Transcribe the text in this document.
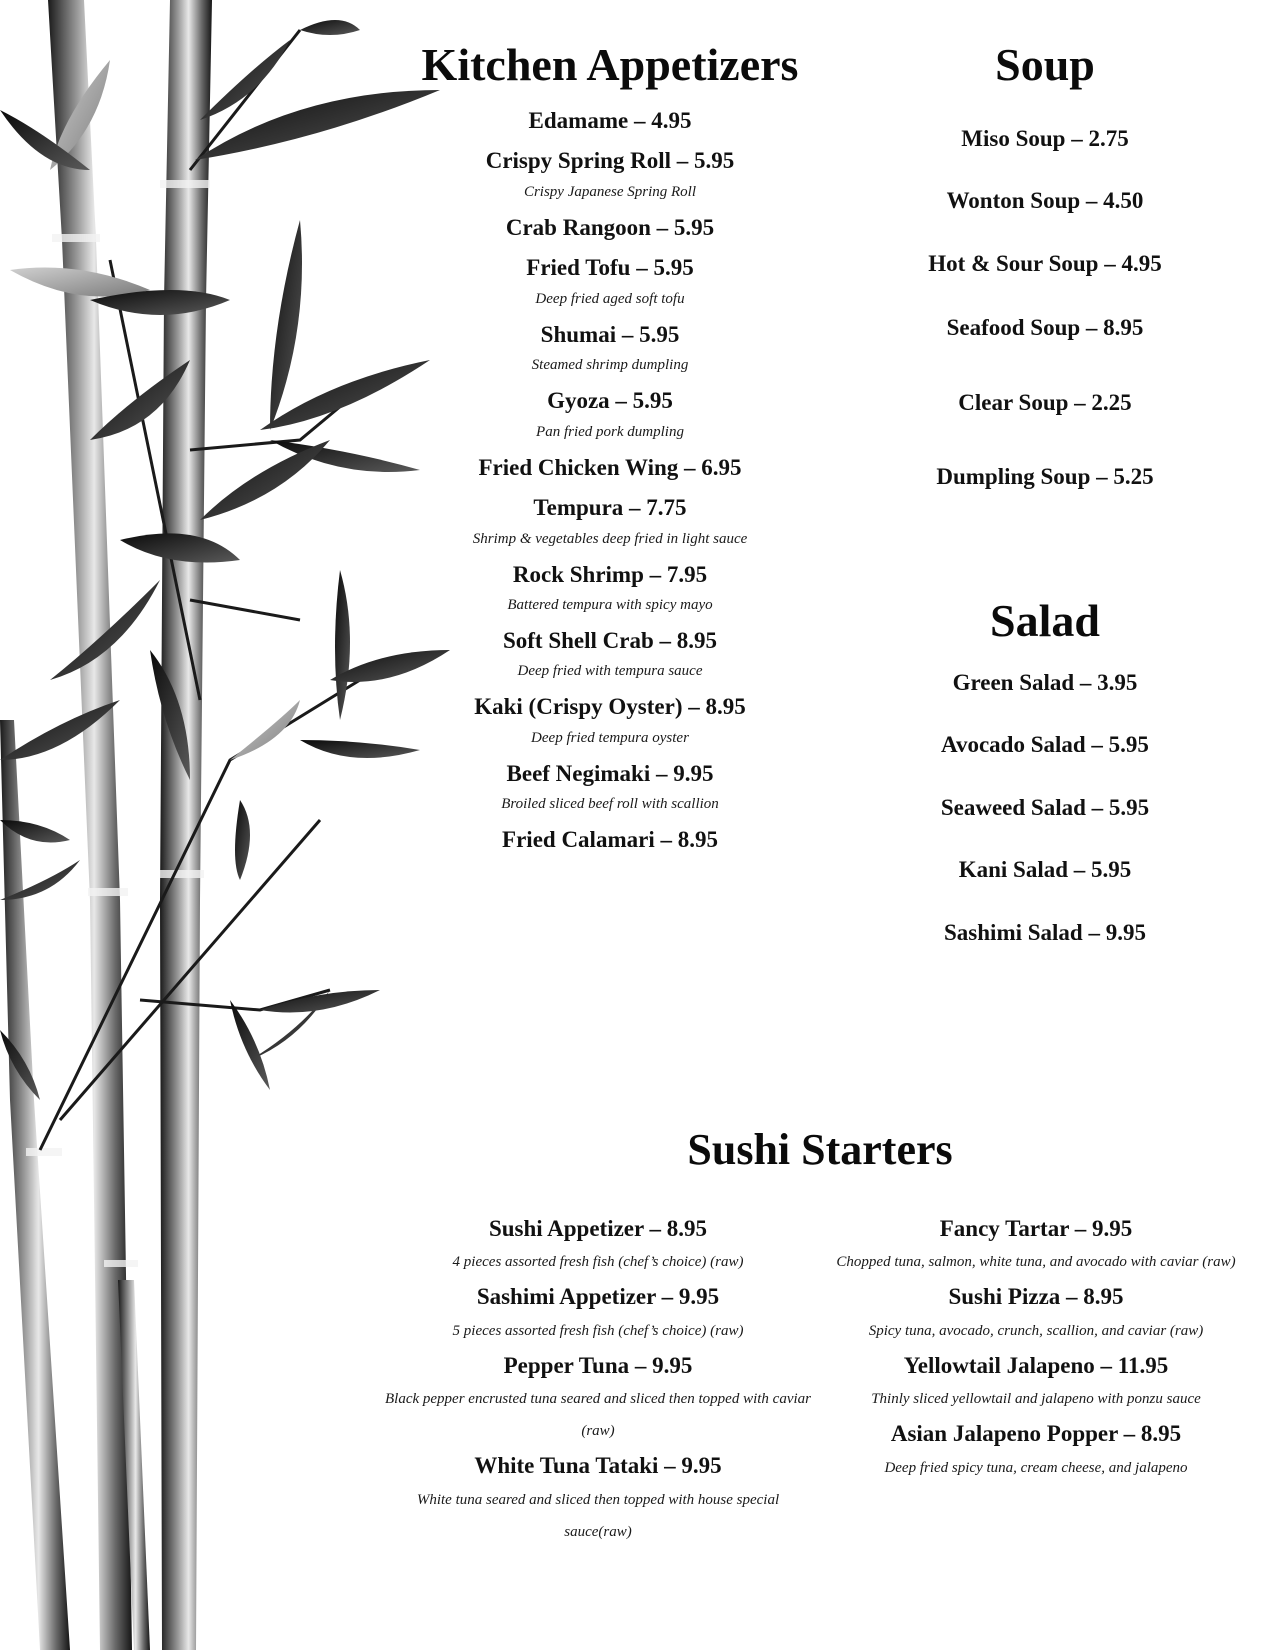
Kitchen Appetizers
Edamame – 4.95
Crispy Spring Roll – 5.95
Crispy Japanese Spring Roll
Crab Rangoon – 5.95
Fried Tofu – 5.95
Deep fried aged soft tofu
Shumai – 5.95
Steamed shrimp dumpling
Gyoza – 5.95
Pan fried pork dumpling
Fried Chicken Wing – 6.95
Tempura – 7.75
Shrimp & vegetables deep fried in light sauce
Rock Shrimp – 7.95
Battered tempura with spicy mayo
Soft Shell Crab – 8.95
Deep fried with tempura sauce
Kaki (Crispy Oyster) – 8.95
Deep fried tempura oyster
Beef Negimaki – 9.95
Broiled sliced beef roll with scallion
Fried Calamari – 8.95
Soup
Miso Soup – 2.75
Wonton Soup – 4.50
Hot & Sour Soup – 4.95
Seafood Soup – 8.95
Clear Soup – 2.25
Dumpling Soup – 5.25
Salad
Green Salad – 3.95
Avocado Salad – 5.95
Seaweed Salad – 5.95
Kani Salad – 5.95
Sashimi Salad – 9.95
Sushi Starters
Sushi Appetizer – 8.95
4 pieces assorted fresh fish (chef’s choice) (raw)
Sashimi Appetizer – 9.95
5 pieces assorted fresh fish (chef’s choice) (raw)
Pepper Tuna – 9.95
Black pepper encrusted tuna seared and sliced then topped with caviar (raw)
White Tuna Tataki – 9.95
White tuna seared and sliced then topped with house special sauce(raw)
Fancy Tartar – 9.95
Chopped tuna, salmon, white tuna, and avocado with caviar (raw)
Sushi Pizza – 8.95
Spicy tuna, avocado, crunch, scallion, and caviar (raw)
Yellowtail Jalapeno – 11.95
Thinly sliced yellowtail and jalapeno with ponzu sauce
Asian Jalapeno Popper – 8.95
Deep fried spicy tuna, cream cheese, and jalapeno
